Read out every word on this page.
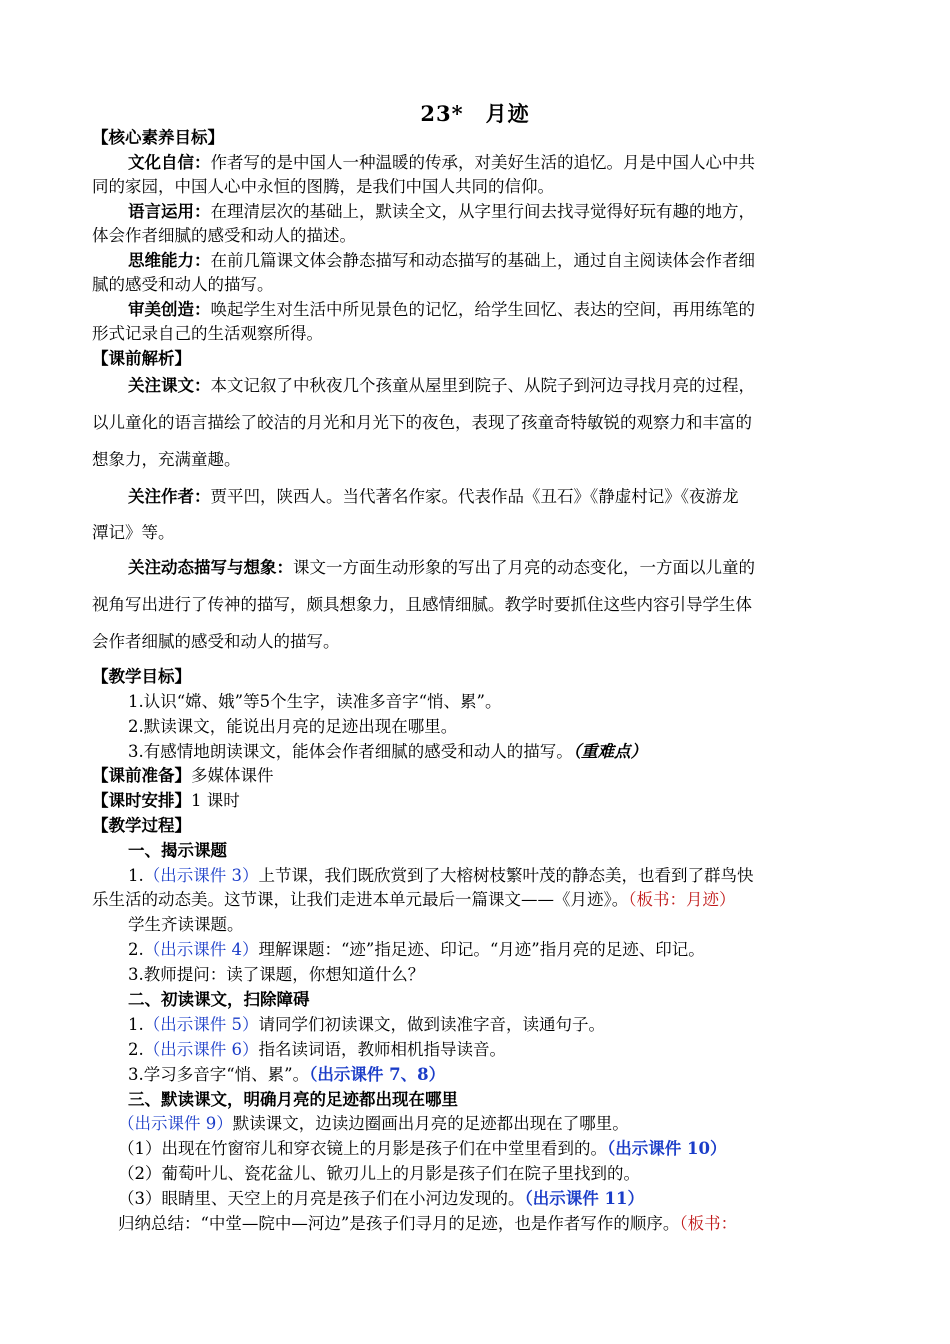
23*　月迹
【核心素养目标】
文化自信：作者写的是中国人一种温暖的传承，对美好生活的追忆。月是中国人心中共
同的家园，中国人心中永恒的图腾，是我们中国人共同的信仰。
语言运用：在理清层次的基础上，默读全文，从字里行间去找寻觉得好玩有趣的地方，
体会作者细腻的感受和动人的描述。
思维能力：在前几篇课文体会静态描写和动态描写的基础上，通过自主阅读体会作者细
腻的感受和动人的描写。
审美创造：唤起学生对生活中所见景色的记忆，给学生回忆、表达的空间，再用练笔的
形式记录自己的生活观察所得。
【课前解析】
关注课文：本文记叙了中秋夜几个孩童从屋里到院子、从院子到河边寻找月亮的过程，
以儿童化的语言描绘了皎洁的月光和月光下的夜色，表现了孩童奇特敏锐的观察力和丰富的
想象力，充满童趣。
关注作者：贾平凹，陕西人。当代著名作家。代表作品《丑石》《静虚村记》《夜游龙
潭记》等。
关注动态描写与想象：课文一方面生动形象的写出了月亮的动态变化，一方面以儿童的
视角写出进行了传神的描写，颇具想象力，且感情细腻。教学时要抓住这些内容引导学生体
会作者细腻的感受和动人的描写。
【教学目标】
1.认识“嫦、娥”等5个生字，读准多音字“悄、累”。
2.默读课文，能说出月亮的足迹出现在哪里。
3.有感情地朗读课文，能体会作者细腻的感受和动人的描写。（重难点）
【课前准备】多媒体课件
【课时安排】1 课时
【教学过程】
一、揭示课题
1.（出示课件 3）上节课，我们既欣赏到了大榕树枝繁叶茂的静态美，也看到了群鸟快
乐生活的动态美。这节课，让我们走进本单元最后一篇课文——《月迹》。（板书：月迹）
学生齐读课题。
2.（出示课件 4）理解课题：“迹”指足迹、印记。“月迹”指月亮的足迹、印记。
3.教师提问：读了课题，你想知道什么？
二、初读课文，扫除障碍
1.（出示课件 5）请同学们初读课文，做到读准字音，读通句子。
2.（出示课件 6）指名读词语，教师相机指导读音。
3.学习多音字“悄、累”。（出示课件 7、8）
三、默读课文，明确月亮的足迹都出现在哪里
（出示课件 9）默读课文，边读边圈画出月亮的足迹都出现在了哪里。
（1）出现在竹窗帘儿和穿衣镜上的月影是孩子们在中堂里看到的。（出示课件 10）
（2）葡萄叶儿、瓷花盆儿、锨刃儿上的月影是孩子们在院子里找到的。
（3）眼睛里、天空上的月亮是孩子们在小河边发现的。（出示课件 11）
归纳总结：“中堂—院中—河边”是孩子们寻月的足迹，也是作者写作的顺序。（板书：
